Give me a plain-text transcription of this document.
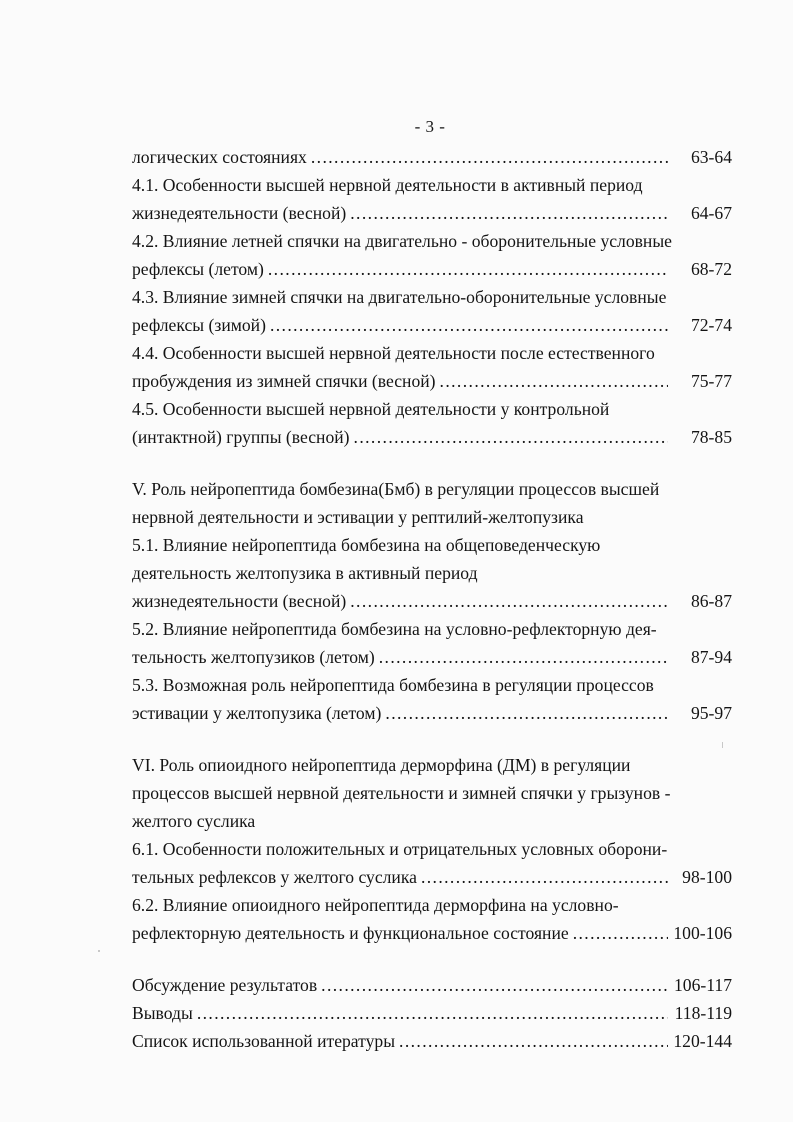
- 3 -
логических состояниях .....	63-64
4.1. Особенности высшей нервной деятельности в активный период
жизнедеятельности (весной) .....	64-67
4.2. Влияние летней спячки на двигательно - оборонительные условные
рефлексы (летом) .....	68-72
4.3. Влияние зимней спячки на двигательно-оборонительные условные
рефлексы (зимой) .....	72-74
4.4. Особенности высшей нервной деятельности после естественного
пробуждения из зимней спячки (весной) .....	75-77
4.5. Особенности высшей нервной деятельности у контрольной
(интактной) группы (весной) .....	78-85
V. Роль нейропептида бомбезина(Бмб) в регуляции процессов высшей
нервной деятельности и эстивации у рептилий-желтопузика
5.1. Влияние нейропептида бомбезина на общеповеденческую
деятельность желтопузика в активный период
жизнедеятельности (весной) .....	86-87
5.2. Влияние нейропептида бомбезина на условно-рефлекторную дея-
тельность желтопузиков (летом) .....	87-94
5.3. Возможная роль нейропептида бомбезина в регуляции процессов
эстивации у желтопузика (летом) .....	95-97
VI. Роль опиоидного нейропептида дерморфина (ДМ) в регуляции
процессов высшей нервной деятельности и зимней спячки у грызунов -
желтого суслика
6.1. Особенности положительных и отрицательных условных оборони-
тельных рефлексов у желтого суслика .....	98-100
6.2. Влияние опиоидного нейропептида дерморфина на условно-
рефлекторную деятельность и функциональное состояние .....	100-106
Обсуждение результатов .....	106-117
Выводы .....	118-119
Список использованной итературы .....	120-144
